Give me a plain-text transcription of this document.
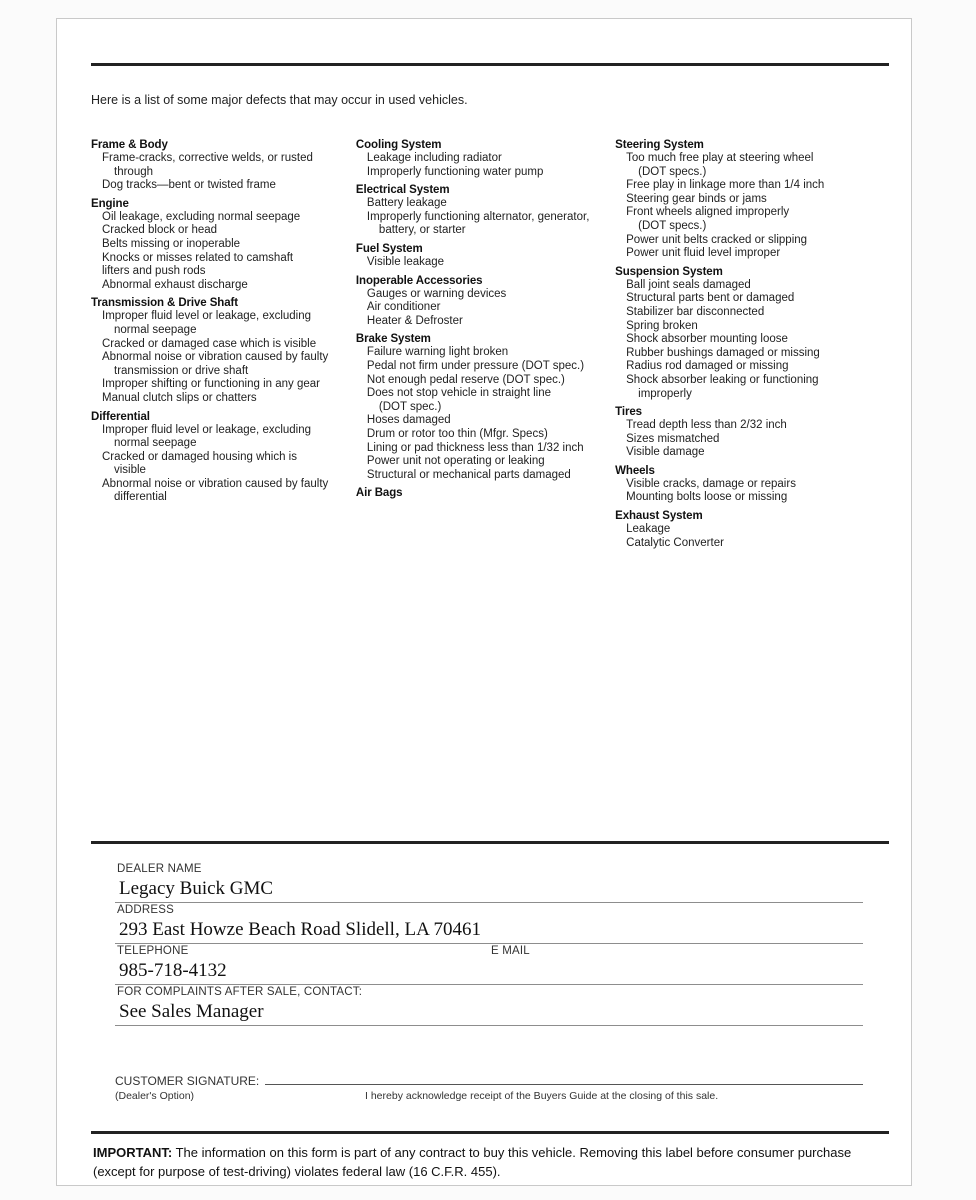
Here is a list of some major defects that may occur in used vehicles.
Frame & Body
Frame-cracks, corrective welds, or rusted
through
Dog tracks—bent or twisted frame
Engine
Oil leakage, excluding normal seepage
Cracked block or head
Belts missing or inoperable
Knocks or misses related to camshaft
lifters and push rods
Abnormal exhaust discharge
Transmission & Drive Shaft
Improper fluid level or leakage, excluding
normal seepage
Cracked or damaged case which is visible
Abnormal noise or vibration caused by faulty
transmission or drive shaft
Improper shifting or functioning in any gear
Manual clutch slips or chatters
Differential
Improper fluid level or leakage, excluding
normal seepage
Cracked or damaged housing which is
visible
Abnormal noise or vibration caused by faulty
differential
Cooling System
Leakage including radiator
Improperly functioning water pump
Electrical System
Battery leakage
Improperly functioning alternator, generator,
battery, or starter
Fuel System
Visible leakage
Inoperable Accessories
Gauges or warning devices
Air conditioner
Heater & Defroster
Brake System
Failure warning light broken
Pedal not firm under pressure (DOT spec.)
Not enough pedal reserve (DOT spec.)
Does not stop vehicle in straight line
(DOT spec.)
Hoses damaged
Drum or rotor too thin (Mfgr. Specs)
Lining or pad thickness less than 1/32 inch
Power unit not operating or leaking
Structural or mechanical parts damaged
Air Bags
Steering System
Too much free play at steering wheel
(DOT specs.)
Free play in linkage more than 1/4 inch
Steering gear binds or jams
Front wheels aligned improperly
(DOT specs.)
Power unit belts cracked or slipping
Power unit fluid level improper
Suspension System
Ball joint seals damaged
Structural parts bent or damaged
Stabilizer bar disconnected
Spring broken
Shock absorber mounting loose
Rubber bushings damaged or missing
Radius rod damaged or missing
Shock absorber leaking or functioning
improperly
Tires
Tread depth less than 2/32 inch
Sizes mismatched
Visible damage
Wheels
Visible cracks, damage or repairs
Mounting bolts loose or missing
Exhaust System
Leakage
Catalytic Converter
DEALER NAME
Legacy Buick GMC
ADDRESS
293 East Howze Beach Road Slidell, LA 70461
TELEPHONE
985-718-4132
E MAIL
FOR COMPLAINTS AFTER SALE, CONTACT:
See Sales Manager
CUSTOMER SIGNATURE:
(Dealer's Option)	I hereby acknowledge receipt of the Buyers Guide at the closing of this sale.
IMPORTANT: The information on this form is part of any contract to buy this vehicle. Removing this label before consumer purchase (except for purpose of test-driving) violates federal law (16 C.F.R. 455).
